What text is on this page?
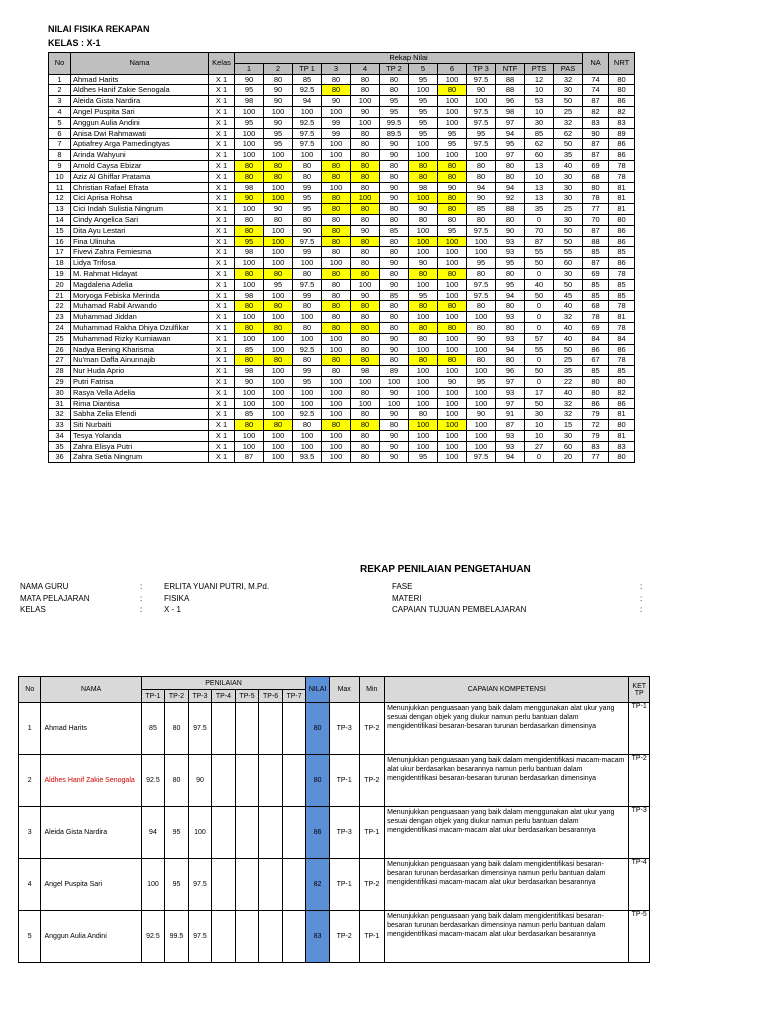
NILAI FISIKA REKAPAN
KELAS : X-1
No	Nama	Kelas	Rekap Nilai												NA	NRT
			1	2	TP 1	3	4	TP 2	5	6	TP 3	NTF	PTS	PAS		
1	Ahmad Harits	X 1	90	80	85	80	80	80	95	100	97.5	88	12	32	74	80
2	Aldhes Hanif Zakie Senogala	X 1	95	90	92.5	80	80	80	100	80	90	88	10	30	74	80
3	Aleida Gista Nardira	X 1	98	90	94	90	100	95	95	100	100	96	53	50	87	86
4	Angel Puspita Sari	X 1	100	100	100	100	90	95	95	100	97.5	98	10	25	82	82
5	Anggun Aulia Andini	X 1	95	90	92.5	99	100	99.5	95	100	97.5	97	30	32	83	83
6	Anisa Dwi Rahmawati	X 1	100	95	97.5	99	80	89.5	95	95	95	94	85	62	90	89
7	Aptiafrey Arga Pamedingtyas	X 1	100	95	97.5	100	80	90	100	95	97.5	95	62	50	87	86
8	Arinda Wahyuni	X 1	100	100	100	100	80	90	100	100	100	97	60	35	87	86
9	Arnold Caysa Ebizar	X 1	80	80	80	80	80	80	80	80	80	80	13	40	69	78
10	Aziz Al Ghiffar Pratama	X 1	80	80	80	80	80	80	80	80	80	80	10	30	68	78
11	Christian Rafael Efrata	X 1	98	100	99	100	80	90	98	90	94	94	13	30	80	81
12	Cici Aprisa Rohsa	X 1	90	100	95	80	100	90	100	80	90	92	13	30	78	81
13	Cici Indah Sulistia Ningrum	X 1	100	90	95	80	80	80	90	80	85	88	35	25	77	81
14	Cindy Angelica Sari	X 1	80	80	80	80	80	80	80	80	80	80	0	30	70	80
15	Dita Ayu Lestari	X 1	80	100	90	80	90	85	100	95	97.5	90	70	50	87	86
16	Fina Ulinuha	X 1	95	100	97.5	80	80	80	100	100	100	93	87	50	88	86
17	Fivevi Zahra Femiesma	X 1	98	100	99	80	80	80	100	100	100	93	55	55	85	85
18	Lidya Trifosa	X 1	100	100	100	100	80	90	90	100	95	95	50	60	87	86
19	M. Rahmat Hidayat	X 1	80	80	80	80	80	80	80	80	80	80	0	30	69	78
20	Magdalena Adelia	X 1	100	95	97.5	80	100	90	100	100	97.5	95	40	50	85	85
21	Moryoga Febiska Merinda	X 1	98	100	99	80	90	85	95	100	97.5	94	50	45	85	85
22	Muhamad Rabil Arwando	X 1	80	80	80	80	80	80	80	80	80	80	0	40	68	78
23	Muhammad Jiddan	X 1	100	100	100	80	80	80	100	100	100	93	0	32	78	81
24	Muhammad Rakha Dhiya Dzulfikar	X 1	80	80	80	80	80	80	80	80	80	80	0	40	69	78
25	Muhammad Rizky Kurniawan	X 1	100	100	100	100	80	90	80	100	90	93	57	40	84	84
26	Nadya Bening Kharisma	X 1	85	100	92.5	100	80	90	100	100	100	94	55	50	86	86
27	Nu'man Daffa Ainunnajib	X 1	80	80	80	80	80	80	80	80	80	80	0	25	67	78
28	Nur Huda Aprio	X 1	98	100	99	80	98	89	100	100	100	96	50	35	85	85
29	Putri Fatrisa	X 1	90	100	95	100	100	100	100	90	95	97	0	22	80	80
30	Rasya Vella Adelia	X 1	100	100	100	100	80	90	100	100	100	93	17	40	80	82
31	Rima Diantisa	X 1	100	100	100	100	100	100	100	100	100	97	50	32	86	86
32	Sabha Zelia Efendi	X 1	85	100	92.5	100	80	90	80	100	90	91	30	32	79	81
33	Siti Nurbaiti	X 1	80	80	80	80	80	80	100	100	100	87	10	15	72	80
34	Tesya Yolanda	X 1	100	100	100	100	80	90	100	100	100	93	10	30	79	81
35	Zahra Elisya Putri	X 1	100	100	100	100	80	90	100	100	100	93	27	60	83	83
36	Zahra Setia Ningrum	X 1	87	100	93.5	100	80	90	95	100	97.5	94	0	20	77	80
REKAP PENILAIAN PENGETAHUAN
NAMA GURU	:	ERLITA YUANI PUTRI, M.Pd.
MATA PELAJARAN	:	FISIKA
KELAS	:	X - 1
FASE	:
MATERI	:
CAPAIAN TUJUAN PEMBELAJARAN	:
No	NAMA	PENILAIAN							NILAI	Max	Min	CAPAIAN KOMPETENSI	KET TP
		TP-1	TP-2	TP-3	TP-4	TP-5	TP-6	TP-7					
1	Ahmad Harits	85	80	97.5					80	TP-3	TP-2	Menunjukkan penguasaan yang baik dalam menggunakan alat ukur yang sesuai dengan objek yang diukur namun perlu bantuan dalam mengidentifikasi besaran-besaran turunan berdasarkan dimensinya	TP-1
2	Aldhes Hanif Zakie Senogala	92.5	80	90					80	TP-1	TP-2	Menunjukkan penguasaan yang baik dalam mengidentifikasi macam-macam alat ukur berdasarkan besarannya namun perlu bantuan dalam mengidentifikasi besaran-besaran turunan berdasarkan dimensinya	TP-2
3	Aleida Gista Nardira	94	95	100					86	TP-3	TP-1	Menunjukkan penguasaan yang baik dalam menggunakan alat ukur yang sesuai dengan objek yang diukur namun perlu bantuan dalam mengidentifikasi macam-macam alat ukur berdasarkan besarannya	TP-3
4	Angel Puspita Sari	100	95	97.5					82	TP-1	TP-2	Menunjukkan penguasaan yang baik dalam mengidentifikasi besaran-besaran turunan berdasarkan dimensinya namun perlu bantuan dalam mengidentifikasi macam-macam alat ukur berdasarkan besarannya	TP-4
5	Anggun Aulia Andini	92.5	99.5	97.5					83	TP-2	TP-1	Menunjukkan penguasaan yang baik dalam mengidentifikasi besaran-besaran turunan berdasarkan dimensinya namun perlu bantuan dalam mengidentifikasi macam-macam alat ukur berdasarkan besarannya	TP-5
